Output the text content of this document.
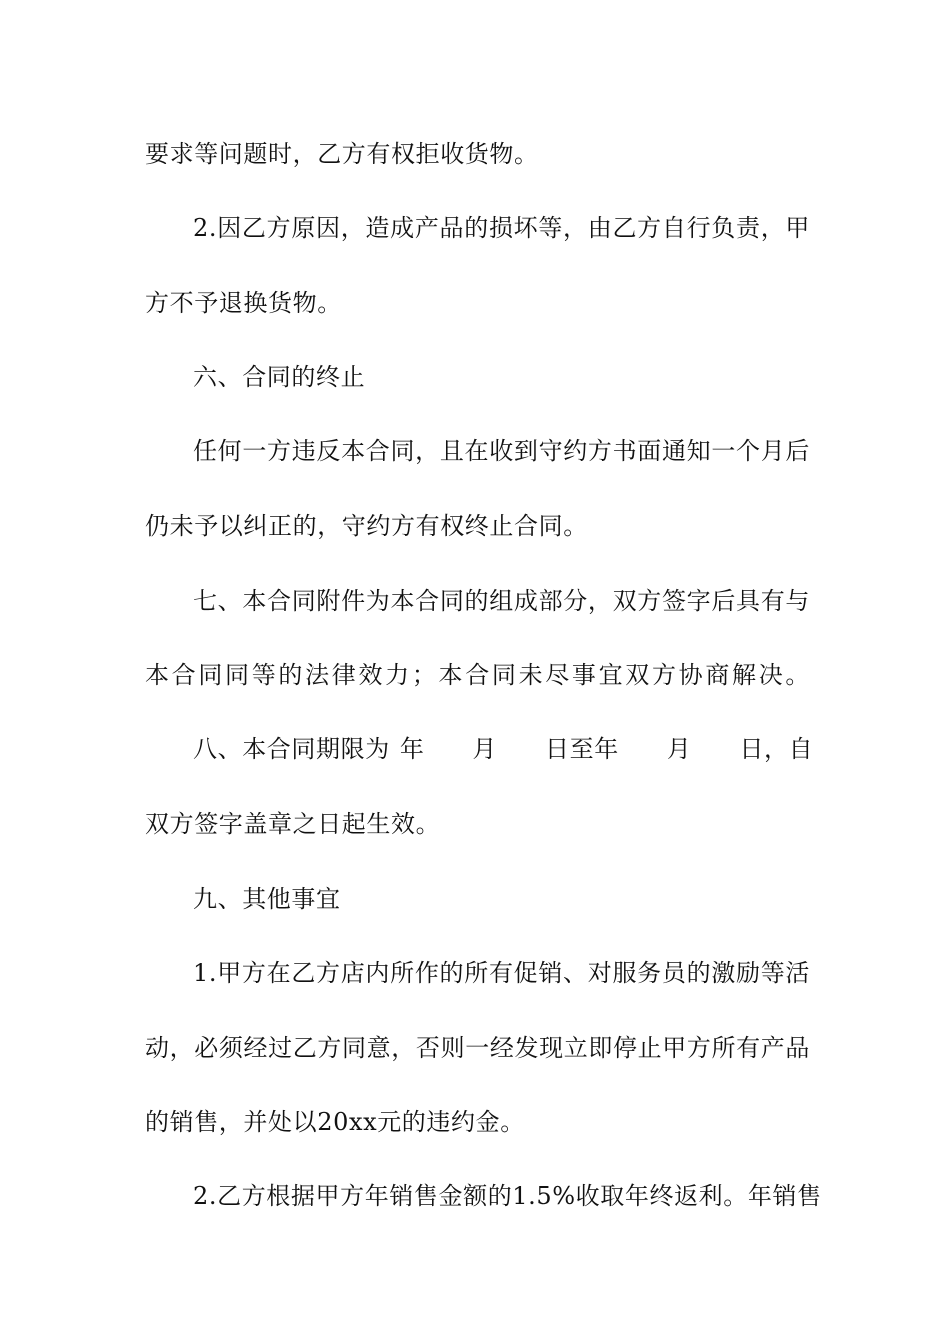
要求等问题时，乙方有权拒收货物。
2.因乙方原因，造成产品的损坏等，由乙方自行负责，甲
方不予退换货物。
六、合同的终止
任何一方违反本合同，且在收到守约方书面通知一个月后
仍未予以纠正的，守约方有权终止合同。
七、本合同附件为本合同的组成部分，双方签字后具有与
本合同同等的法律效力；本合同未尽事宜双方协商解决。
八、本合同期限为 年 月 日至年 月 日，自
双方签字盖章之日起生效。
九、其他事宜
1.甲方在乙方店内所作的所有促销、对服务员的激励等活
动，必须经过乙方同意，否则一经发现立即停止甲方所有产品
的销售，并处以20xx元的违约金。
2.乙方根据甲方年销售金额的1.5%收取年终返利。年销售
